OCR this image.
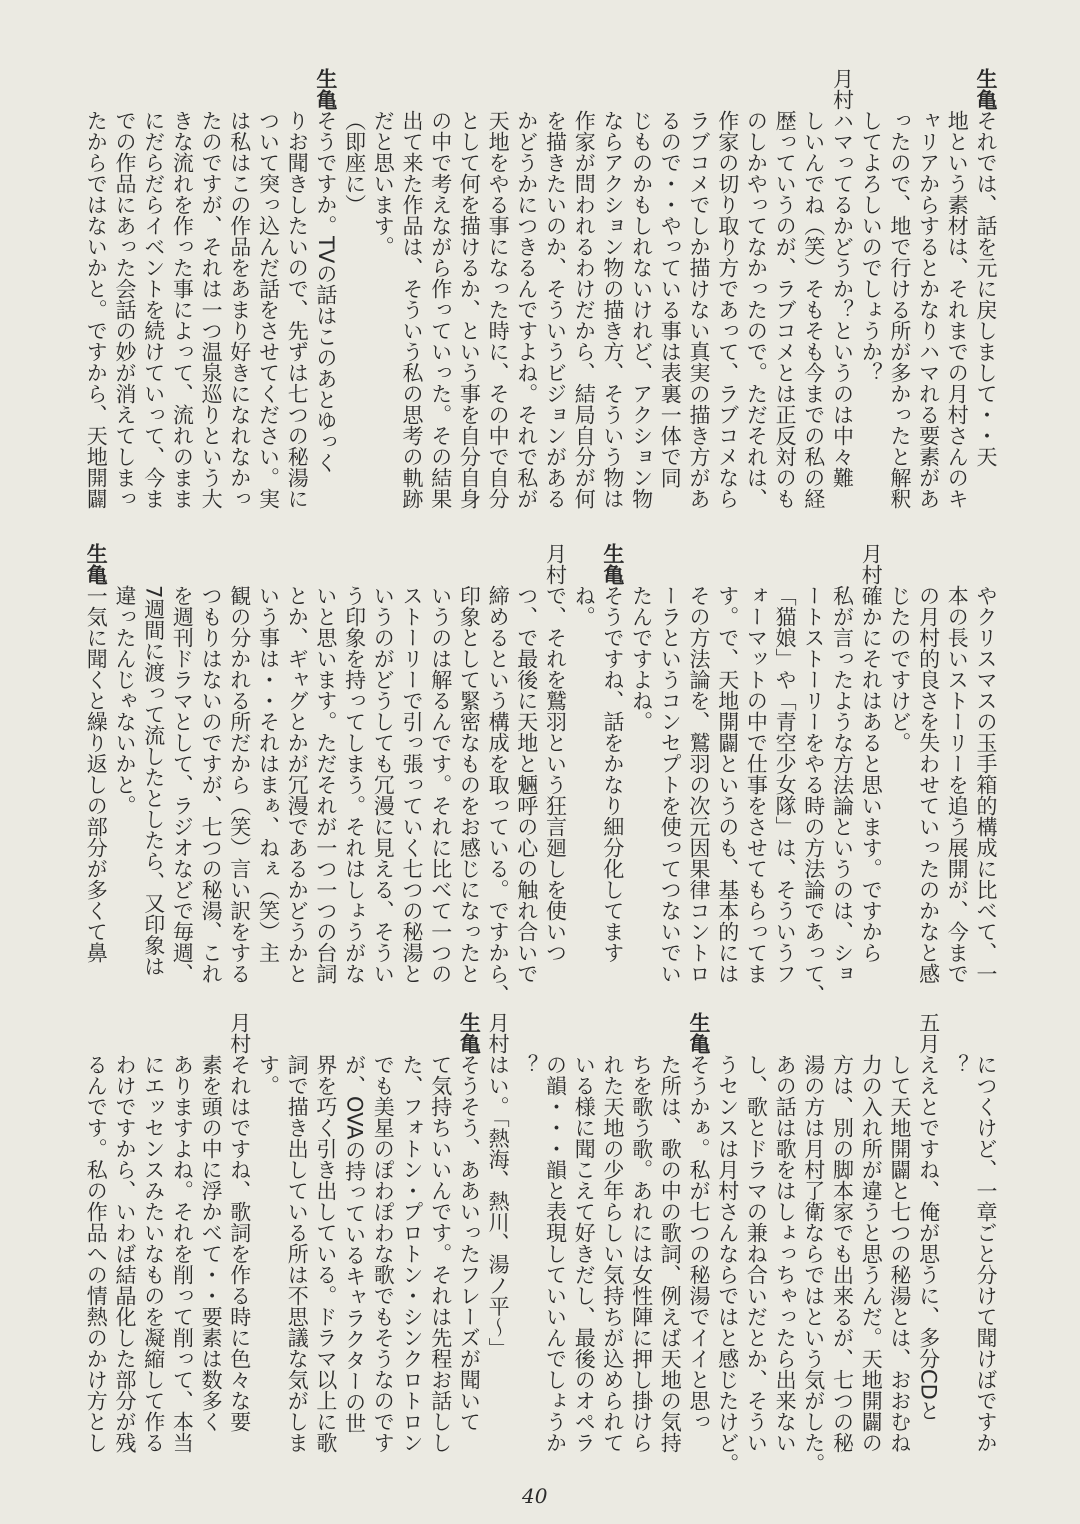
生亀
それでは、話を元に戻しまして・・天
地という素材は、それまでの月村さんのキ
ャリアからするとかなりハマれる要素があ
ったので、地で行ける所が多かったと解釈
してよろしいのでしょうか？
月村
ハマってるかどうか？というのは中々難
しいんでね（笑）そもそも今までの私の経
歴っていうのが、ラブコメとは正反対のも
のしかやってなかったので。ただそれは、
作家の切り取り方であって、ラブコメなら
ラブコメでしか描けない真実の描き方があ
るので・・やっている事は表裏一体で同
じものかもしれないけれど、アクション物
ならアクション物の描き方、そういう物は
作家が問われるわけだから、結局自分が何
を描きたいのか、そういうビジョンがある
かどうかにつきるんですよね。それで私が
天地をやる事になった時に、その中で自分
として何を描けるか、という事を自分自身
の中で考えながら作っていった。その結果
出て来た作品は、そういう私の思考の軌跡
だと思います。
（即座に）
生亀
そうですか。TVの話はこのあとゆっく
りお聞きしたいので、先ずは七つの秘湯に
ついて突っ込んだ話をさせてください。実
は私はこの作品をあまり好きになれなかっ
たのですが、それは一つ温泉巡りという大
きな流れを作った事によって、流れのまま
にだらだらイベントを続けていって、今ま
での作品にあった会話の妙が消えてしまっ
たからではないかと。ですから、天地開闢
やクリスマスの玉手箱的構成に比べて、一
本の長いストーリーを追う展開が、今まで
の月村的良さを失わせていったのかなと感
じたのですけど。
月村
確かにそれはあると思います。ですから
私が言ったような方法論というのは、ショ
ートストーリーをやる時の方法論であって、
「猫娘」や「青空少女隊」は、そういうフ
ォーマットの中で仕事をさせてもらってま
す。で、天地開闢というのも、基本的には
その方法論を、鷲羽の次元因果律コントロ
ーラというコンセプトを使ってつないでい
たんですよね。
生亀
そうですね、話をかなり細分化してます
ね。
月村
で、それを鷲羽という狂言廻しを使いつ
つ、で最後に天地と魎呼の心の触れ合いで
締めるという構成を取っている。ですから、
印象として緊密なものをお感じになったと
いうのは解るんです。それに比べて一つの
ストーリーで引っ張っていく七つの秘湯と
いうのがどうしても冗漫に見える、そうい
う印象を持ってしまう。それはしょうがな
いと思います。ただそれが一つ一つの台詞
とか、ギャグとかが冗漫であるかどうかと
いう事は・・それはまぁ、ねぇ（笑）主
観の分かれる所だから（笑）言い訳をする
つもりはないのですが、七つの秘湯、これ
を週刊ドラマとして、ラジオなどで毎週、
7週間に渡って流したとしたら、又印象は
違ったんじゃないかと。
生亀
一気に聞くと繰り返しの部分が多くて鼻
につくけど、一章ごと分けて聞けばですか
？
五月
ええとですね、俺が思うに、多分CDと
して天地開闢と七つの秘湯とは、おおむね
力の入れ所が違うと思うんだ。天地開闢の
方は、別の脚本家でも出来るが、七つの秘
湯の方は月村了衛ならではという気がした。
あの話は歌をはしょっちゃったら出来ない
し、歌とドラマの兼ね合いだとか、そうい
うセンスは月村さんならではと感じたけど。
生亀
そうかぁ。私が七つの秘湯でイイと思っ
た所は、歌の中の歌詞、例えば天地の気持
ちを歌う歌。あれには女性陣に押し掛けら
れた天地の少年らしい気持ちが込められて
いる様に聞こえて好きだし、最後のオペラ
の韻・・・韻と表現していいんでしょうか
？
月村
はい。「熱海、熱川、湯ノ平〜」
生亀
そうそう、ああいったフレーズが聞いて
て気持ちいいんです。それは先程お話しし
た、フォトン・プロトン・シンクロトロン
でも美星のぽわぽわな歌でもそうなのです
が、OVAの持っているキャラクターの世
界を巧く引き出している。ドラマ以上に歌
詞で描き出している所は不思議な気がしま
す。
月村
それはですね、歌詞を作る時に色々な要
素を頭の中に浮かべて・・要素は数多く
ありますよね。それを削って削って、本当
にエッセンスみたいなものを凝縮して作る
わけですから、いわば結晶化した部分が残
るんです。私の作品への情熱のかけ方とし
40
